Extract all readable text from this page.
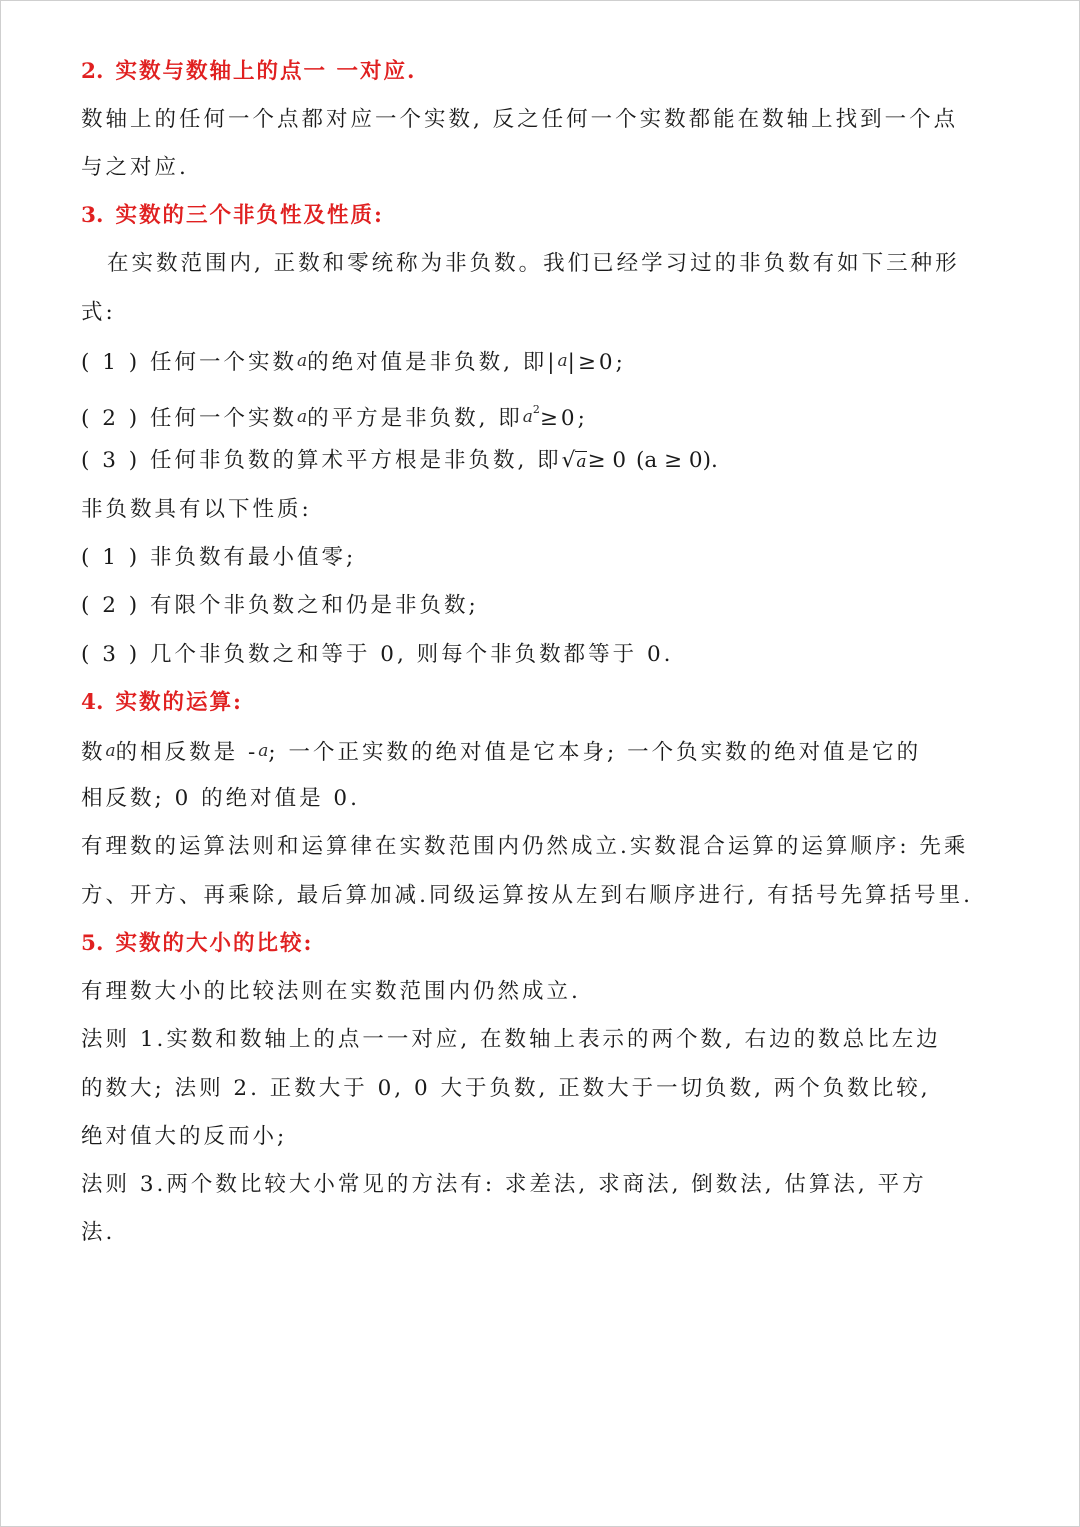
2. 实数与数轴上的点一 一对应.
数轴上的任何一个点都对应一个实数, 反之任何一个实数都能在数轴上找到一个点
与之对应.
3. 实数的三个非负性及性质:
在实数范围内, 正数和零统称为非负数。我们已经学习过的非负数有如下三种形
式:
( 1 ) 任何一个实数a的绝对值是非负数, 即|a|≥0;
( 2 ) 任何一个实数a的平方是非负数, 即$a^2\ge 0$;
( 3 ) 任何非负数的算术平方根是非负数, 即√a≥ 0 (a ≥ 0).
非负数具有以下性质:
( 1 ) 非负数有最小值零;
( 2 ) 有限个非负数之和仍是非负数;
( 3 ) 几个非负数之和等于 0, 则每个非负数都等于 0.
4. 实数的运算:
数a的相反数是 -a; 一个正实数的绝对值是它本身; 一个负实数的绝对值是它的
相反数; 0 的绝对值是 0.
有理数的运算法则和运算律在实数范围内仍然成立.实数混合运算的运算顺序: 先乘
方、开方、再乘除, 最后算加减.同级运算按从左到右顺序进行, 有括号先算括号里.
5. 实数的大小的比较:
有理数大小的比较法则在实数范围内仍然成立.
法则 1.实数和数轴上的点一一对应, 在数轴上表示的两个数, 右边的数总比左边
的数大; 法则 2. 正数大于 0, 0 大于负数, 正数大于一切负数, 两个负数比较,
绝对值大的反而小;
法则 3.两个数比较大小常见的方法有: 求差法, 求商法, 倒数法, 估算法, 平方
法.
